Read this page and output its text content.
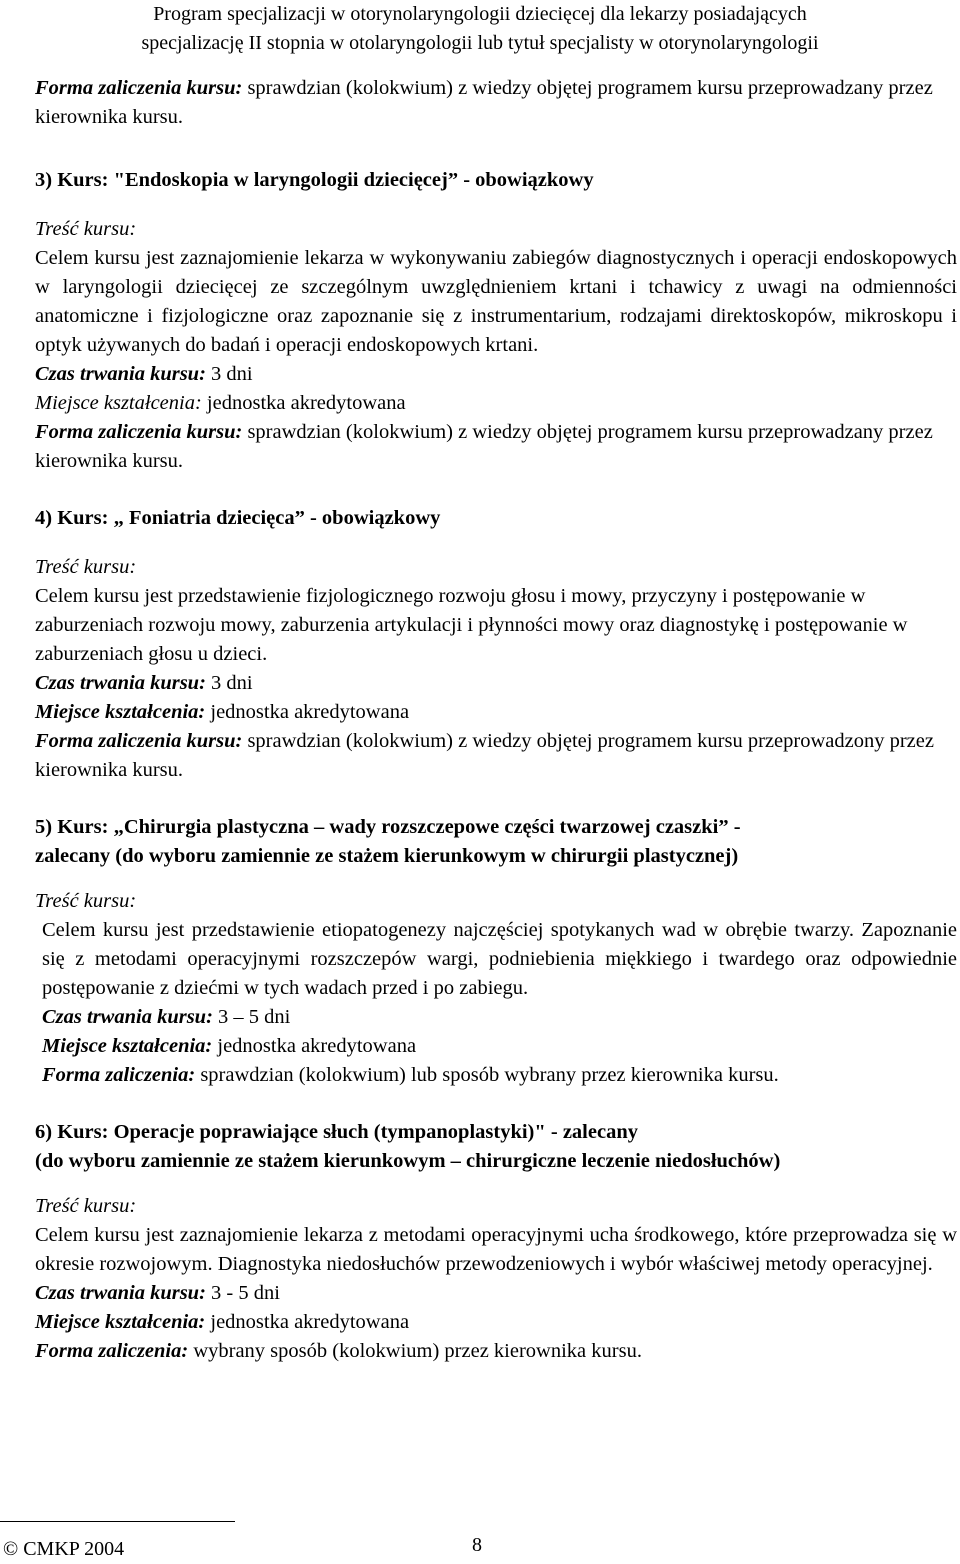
Program specjalizacji w otorynolaryngologii dziecięcej dla lekarzy posiadających
specjalizację II stopnia w otolaryngologii lub tytuł specjalisty w otorynolaryngologii

Forma zaliczenia kursu: sprawdzian (kolokwium) z wiedzy objętej programem kursu przeprowadzany przez kierownika kursu.

3) Kurs: "Endoskopia w laryngologii dziecięcej” - obowiązkowy
Treść kursu:

Celem kursu jest zaznajomienie lekarza w wykonywaniu zabiegów diagnostycznych i operacji endoskopowych w laryngologii dziecięcej ze szczególnym uwzględnieniem krtani i tchawicy z uwagi na odmienności anatomiczne i fizjologiczne oraz zapoznanie się z instrumentarium, rodzajami direktoskopów, mikroskopu i optyk używanych do badań i operacji endoskopowych krtani.

Czas trwania kursu: 3 dni
Miejsce kształcenia: jednostka akredytowana

Forma zaliczenia kursu: sprawdzian (kolokwium) z wiedzy objętej programem kursu przeprowadzany przez kierownika kursu.

4) Kurs: „ Foniatria dziecięca” - obowiązkowy
Treść kursu:

Celem kursu jest przedstawienie fizjologicznego rozwoju głosu i mowy, przyczyny i postępowanie w zaburzeniach rozwoju mowy, zaburzenia artykulacji i płynności mowy oraz diagnostykę i postępowanie w zaburzeniach głosu u dzieci.

Czas trwania kursu: 3 dni
Miejsce kształcenia: jednostka akredytowana

Forma zaliczenia kursu: sprawdzian (kolokwium) z wiedzy objętej programem kursu przeprowadzony przez kierownika kursu.

5) Kurs: „Chirurgia plastyczna – wady rozszczepowe części twarzowej czaszki” -
zalecany (do wyboru zamiennie ze stażem kierunkowym w chirurgii plastycznej)
Treść kursu:

Celem kursu jest przedstawienie etiopatogenezy najczęściej spotykanych wad w obrębie twarzy. Zapoznanie się z metodami operacyjnymi rozszczepów wargi, podniebienia miękkiego i twardego oraz odpowiednie postępowanie z dziećmi w tych wadach przed i po zabiegu.

Czas trwania kursu: 3 – 5 dni
Miejsce kształcenia: jednostka akredytowana
Forma zaliczenia: sprawdzian (kolokwium) lub sposób wybrany przez kierownika kursu.
6) Kurs: Operacje poprawiające słuch (tympanoplastyki)" - zalecany
(do wyboru zamiennie ze stażem kierunkowym – chirurgiczne leczenie niedosłuchów)
Treść kursu:

Celem kursu jest zaznajomienie lekarza z metodami operacyjnymi ucha środkowego, które przeprowadza się w okresie rozwojowym. Diagnostyka niedosłuchów przewodzeniowych i wybór właściwej metody operacyjnej.

Czas trwania kursu: 3 - 5 dni
Miejsce kształcenia: jednostka akredytowana
Forma zaliczenia: wybrany sposób (kolokwium) przez kierownika kursu.
© CMKP 2004	8
